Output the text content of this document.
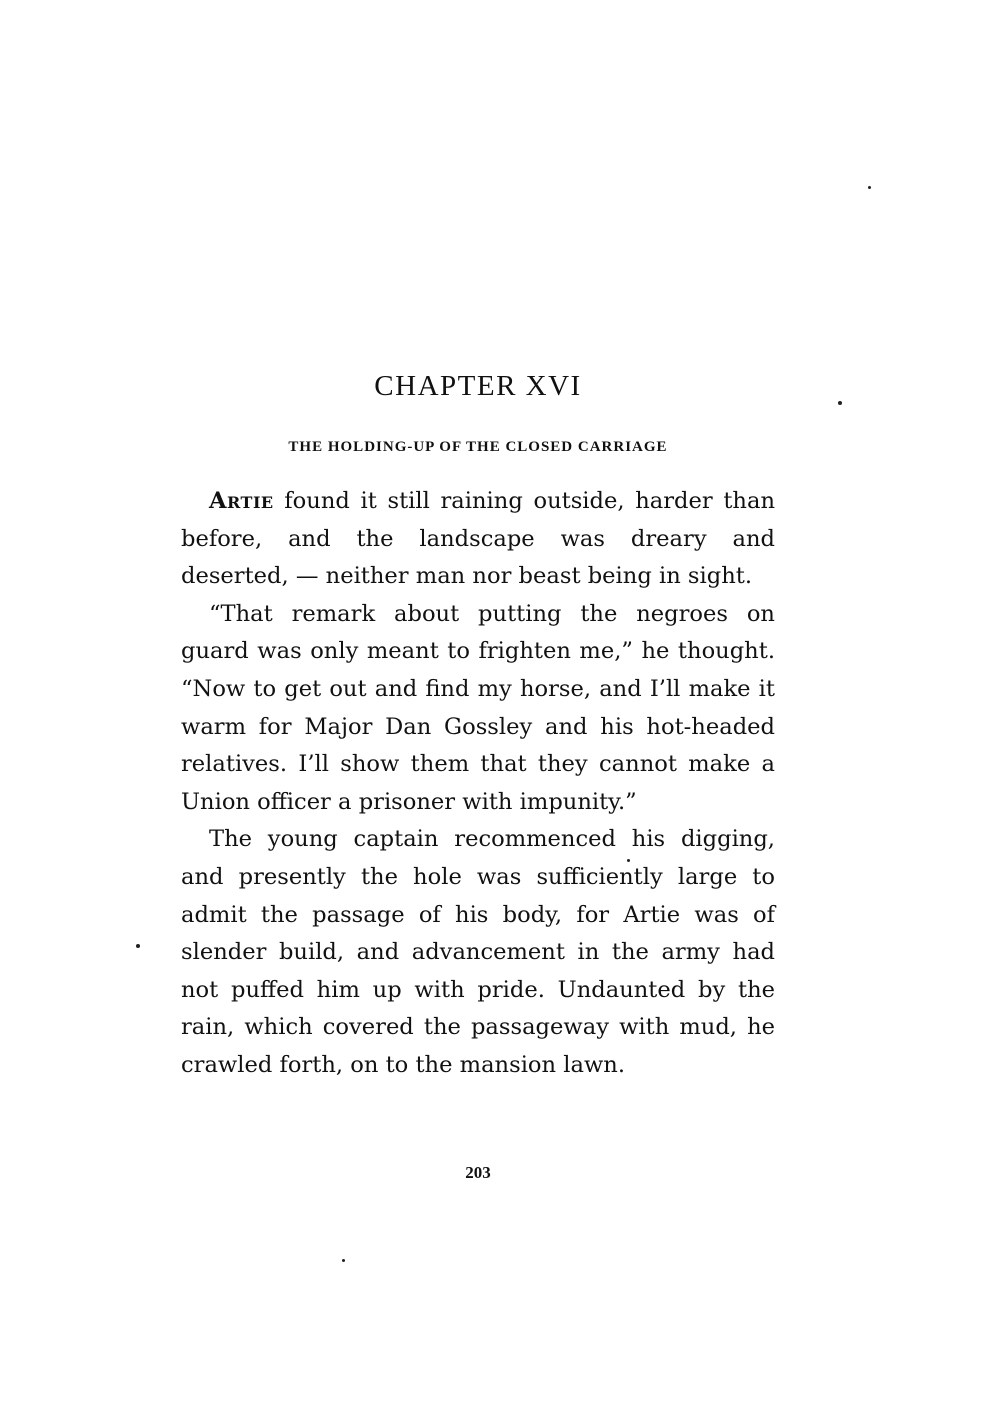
CHAPTER XVI
THE HOLDING-UP OF THE CLOSED CARRIAGE

Artie found it still raining outside, harder than before, and the landscape was dreary and deserted, — neither man nor beast being in sight.

“That remark about putting the negroes on guard was only meant to frighten me,” he thought. “Now to get out and find my horse, and I’ll make it warm for Major Dan Gossley and his hot-headed relatives. I’ll show them that they cannot make a Union officer a prisoner with impunity.”

The young captain recommenced his digging, and presently the hole was sufficiently large to admit the passage of his body, for Artie was of slender build, and advancement in the army had not puffed him up with pride. Undaunted by the rain, which covered the passageway with mud, he crawled forth, on to the mansion lawn.

203
